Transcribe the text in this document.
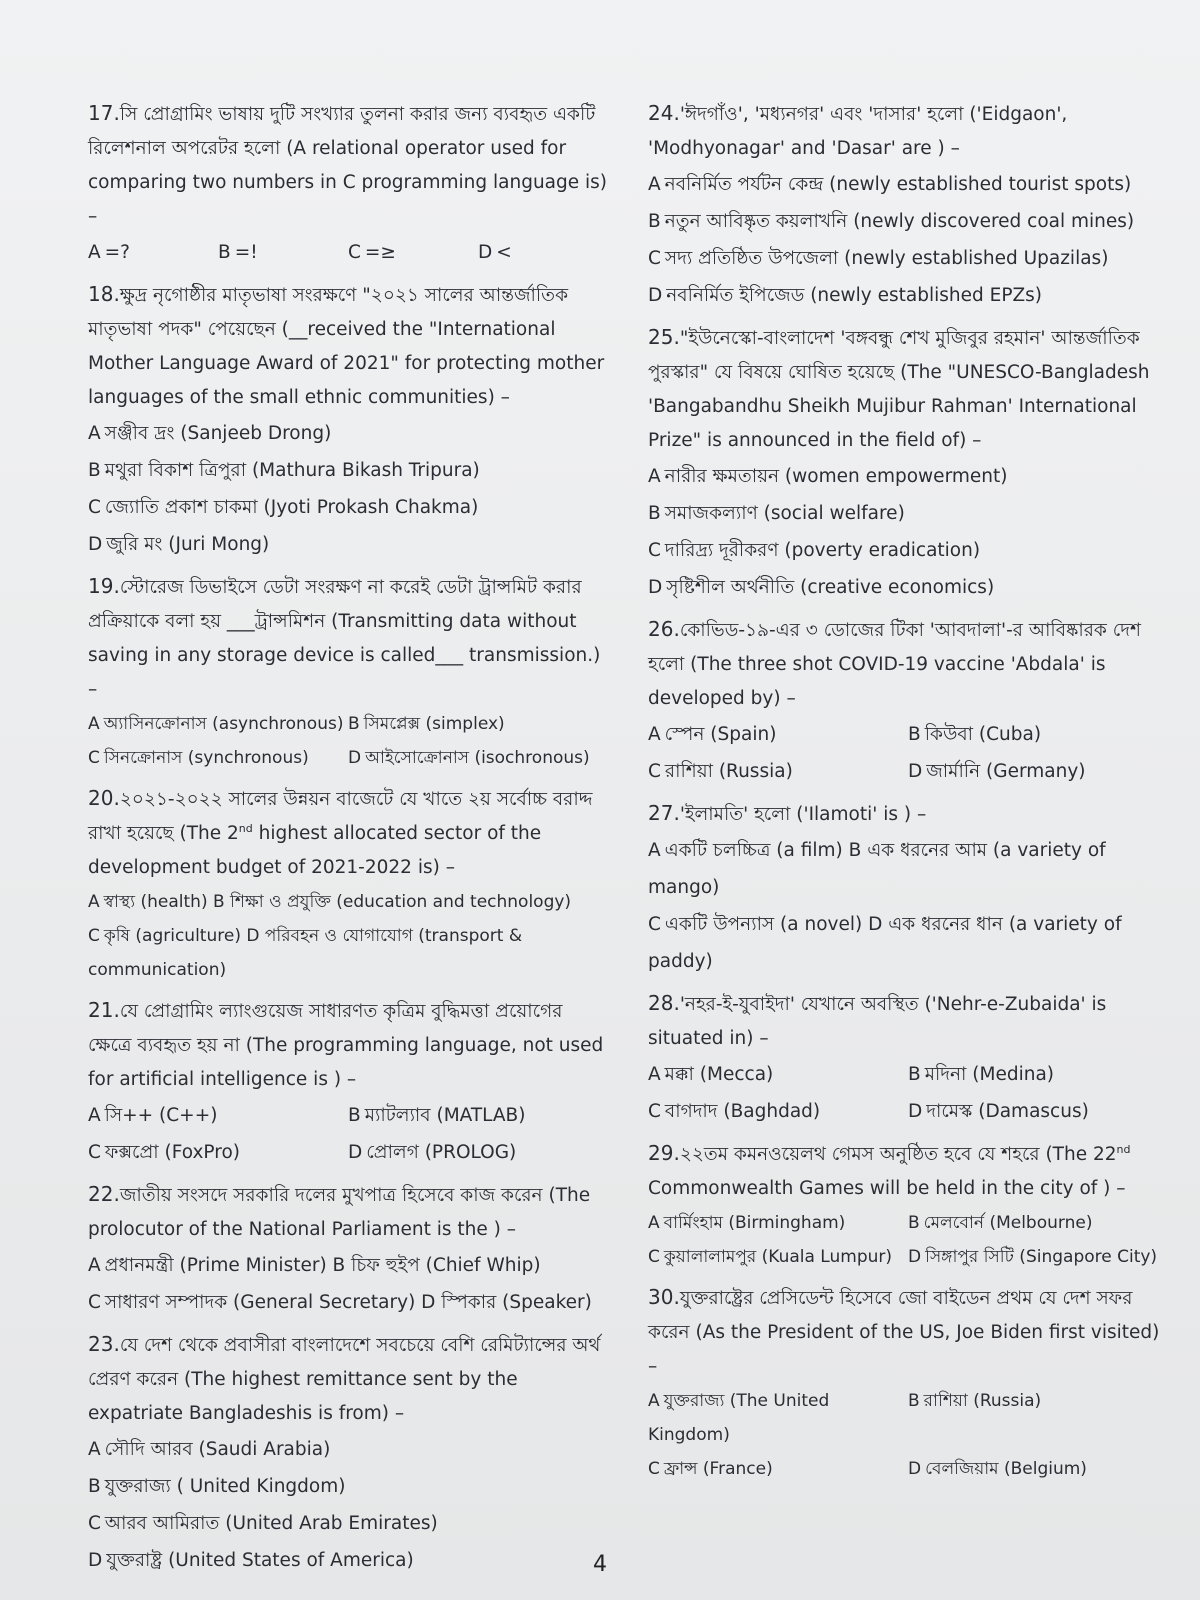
17.সি প্রোগ্রামিং ভাষায় দুটি সংখ্যার তুলনা করার জন্য ব্যবহৃত একটি রিলেশনাল অপরেটর হলো (A relational operator used for comparing two numbers in C programming language is) –
A =?	B =!	C =≥	D <
18.ক্ষুদ্র নৃগোষ্ঠীর মাতৃভাষা সংরক্ষণে "২০২১ সালের আন্তর্জাতিক মাতৃভাষা পদক" পেয়েছেন (__received the "International Mother Language Award of 2021" for protecting mother languages of the small ethnic communities) –
A সঞ্জীব দ্রং (Sanjeeb Drong)
B মথুরা বিকাশ ত্রিপুরা (Mathura Bikash Tripura)
C জ্যোতি প্রকাশ চাকমা (Jyoti Prokash Chakma)
D জুরি মং (Juri Mong)
19.স্টোরেজ ডিভাইসে ডেটা সংরক্ষণ না করেই ডেটা ট্রান্সমিট করার প্রক্রিয়াকে বলা হয় ___ট্রান্সমিশন (Transmitting data without saving in any storage device is called___ transmission.) –
A অ্যাসিনক্রোনাস (asynchronous) B সিমপ্লেক্স (simplex)
C সিনক্রোনাস (synchronous)	D আইসোক্রোনাস (isochronous)
20.২০২১-২০২২ সালের উন্নয়ন বাজেটে যে খাতে ২য় সর্বোচ্চ বরাদ্দ রাখা হয়েছে (The 2nd highest allocated sector of the development budget of 2021-2022 is) –
A স্বাস্থ্য (health) B শিক্ষা ও প্রযুক্তি (education and technology)
C কৃষি (agriculture) D পরিবহন ও যোগাযোগ (transport & communication)
21.যে প্রোগ্রামিং ল্যাংগুয়েজ সাধারণত কৃত্রিম বুদ্ধিমত্তা প্রয়োগের ক্ষেত্রে ব্যবহৃত হয় না (The programming language, not used for artificial intelligence is ) –
A সি++ (C++)	B ম্যাটল্যাব (MATLAB)
C ফক্সপ্রো (FoxPro)	D প্রোলগ (PROLOG)
22.জাতীয় সংসদে সরকারি দলের মুখপাত্র হিসেবে কাজ করেন (The prolocutor of the National Parliament is the ) –
A প্রধানমন্ত্রী (Prime Minister) B চিফ হুইপ (Chief Whip)
C সাধারণ সম্পাদক (General Secretary) D স্পিকার (Speaker)
23.যে দেশ থেকে প্রবাসীরা বাংলাদেশে সবচেয়ে বেশি রেমিট্যান্সের অর্থ প্রেরণ করেন (The highest remittance sent by the expatriate Bangladeshis is from) –
A সৌদি আরব (Saudi Arabia)
B যুক্তরাজ্য ( United Kingdom)
C আরব আমিরাত (United Arab Emirates)
D যুক্তরাষ্ট্র (United States of America)
24.'ঈদগাঁও', 'মধ্যনগর' এবং 'দাসার' হলো ('Eidgaon', 'Modhyonagar' and 'Dasar' are ) –
A নবনির্মিত পর্যটন কেন্দ্র (newly established tourist spots)
B নতুন আবিষ্কৃত কয়লাখনি (newly discovered coal mines)
C সদ্য প্রতিষ্ঠিত উপজেলা (newly established Upazilas)
D নবনির্মিত ইপিজেড (newly established EPZs)
25."ইউনেস্কো-বাংলাদেশ 'বঙ্গবন্ধু শেখ মুজিবুর রহমান' আন্তর্জাতিক পুরস্কার" যে বিষয়ে ঘোষিত হয়েছে (The "UNESCO-Bangladesh 'Bangabandhu Sheikh Mujibur Rahman' International Prize" is announced in the field of) –
A নারীর ক্ষমতায়ন (women empowerment)
B সমাজকল্যাণ (social welfare)
C দারিদ্র্য দূরীকরণ (poverty eradication)
D সৃষ্টিশীল অর্থনীতি (creative economics)
26.কোভিড-১৯-এর ৩ ডোজের টিকা 'আবদালা'-র আবিষ্কারক দেশ হলো (The three shot COVID-19 vaccine 'Abdala' is developed by) –
A স্পেন (Spain)	B কিউবা (Cuba)
C রাশিয়া (Russia)	D জার্মানি (Germany)
27.'ইলামতি' হলো ('Ilamoti' is ) –
A একটি চলচ্চিত্র (a film) B এক ধরনের আম (a variety of mango)
C একটি উপন্যাস (a novel) D এক ধরনের ধান (a variety of paddy)
28.'নহর-ই-যুবাইদা' যেখানে অবস্থিত ('Nehr-e-Zubaida' is situated in) –
A মক্কা (Mecca)	B মদিনা (Medina)
C বাগদাদ (Baghdad)	D দামেস্ক (Damascus)
29.২২তম কমনওয়েলথ গেমস অনুষ্ঠিত হবে যে শহরে (The 22nd Commonwealth Games will be held in the city of ) –
A বার্মিংহাম (Birmingham)	B মেলবোর্ন (Melbourne)
C কুয়ালালামপুর (Kuala Lumpur) D সিঙ্গাপুর সিটি (Singapore City)
30.যুক্তরাষ্ট্রের প্রেসিডেন্ট হিসেবে জো বাইডেন প্রথম যে দেশ সফর করেন (As the President of the US, Joe Biden first visited) –
A যুক্তরাজ্য (The United Kingdom)
B রাশিয়া (Russia)
C ফ্রান্স (France)	D বেলজিয়াম (Belgium)
4
